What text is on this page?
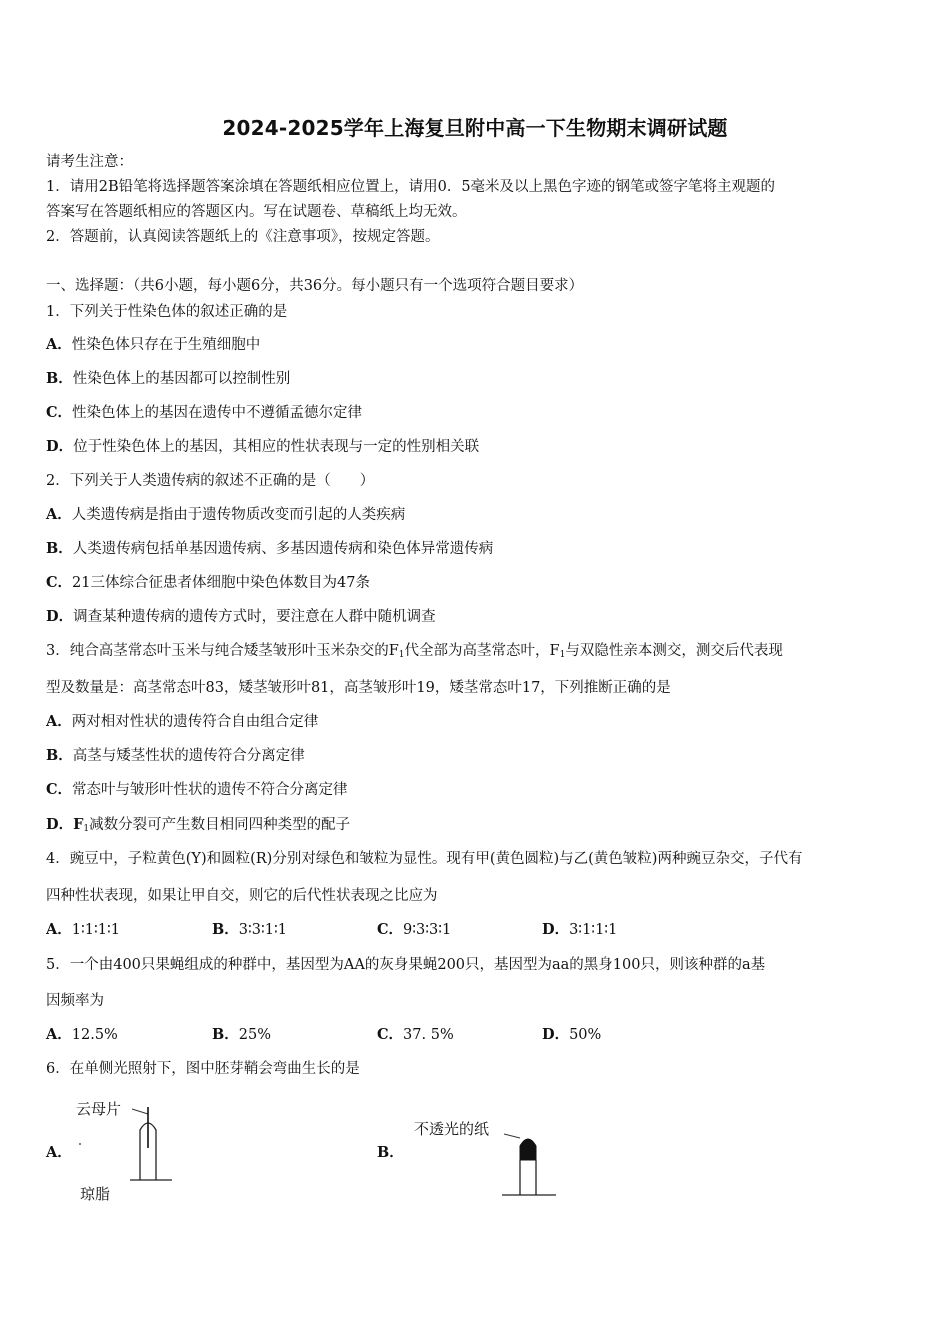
2024-2025学年上海复旦附中高一下生物期末调研试题
请考生注意：
1．请用2B铅笔将选择题答案涂填在答题纸相应位置上，请用0．5毫米及以上黑色字迹的钢笔或签字笔将主观题的
答案写在答题纸相应的答题区内。写在试题卷、草稿纸上均无效。
2．答题前，认真阅读答题纸上的《注意事项》，按规定答题。
一、选择题：（共6小题，每小题6分，共36分。每小题只有一个选项符合题目要求）
1．下列关于性染色体的叙述正确的是
A．性染色体只存在于生殖细胞中
B．性染色体上的基因都可以控制性别
C．性染色体上的基因在遗传中不遵循孟德尔定律
D．位于性染色体上的基因，其相应的性状表现与一定的性别相关联
2．下列关于人类遗传病的叙述不正确的是（　　）
A．人类遗传病是指由于遗传物质改变而引起的人类疾病
B．人类遗传病包括单基因遗传病、多基因遗传病和染色体异常遗传病
C．21三体综合征患者体细胞中染色体数目为47条
D．调查某种遗传病的遗传方式时，要注意在人群中随机调查
3．纯合高茎常态叶玉米与纯合矮茎皱形叶玉米杂交的$F_1$代全部为高茎常态叶，$F_1$与双隐性亲本测交，测交后代表现
型及数量是：高茎常态叶83，矮茎皱形叶81，高茎皱形叶19，矮茎常态叶17，下列推断正确的是
A．两对相对性状的遗传符合自由组合定律
B．高茎与矮茎性状的遗传符合分离定律
C．常态叶与皱形叶性状的遗传不符合分离定律
D．$F_1$减数分裂可产生数目相同四种类型的配子
4．豌豆中，子粒黄色(Y)和圆粒(R)分别对绿色和皱粒为显性。现有甲(黄色圆粒)与乙(黄色皱粒)两种豌豆杂交，子代有
四种性状表现，如果让甲自交，则它的后代性状表现之比应为
A．1∶1∶1∶1	B．3∶3∶1∶1	C．9∶3∶3∶1	D．3∶1∶1∶1
5．一个由400只果蝇组成的种群中，基因型为AA的灰身果蝇200只，基因型为aa的黑身100只，则该种群的a基
因频率为
A．12.5%	B．25%	C．37. 5%	D．50%
6．在单侧光照射下，图中胚芽鞘会弯曲生长的是
A．
云母片
琼脂
B．
不透光的纸
